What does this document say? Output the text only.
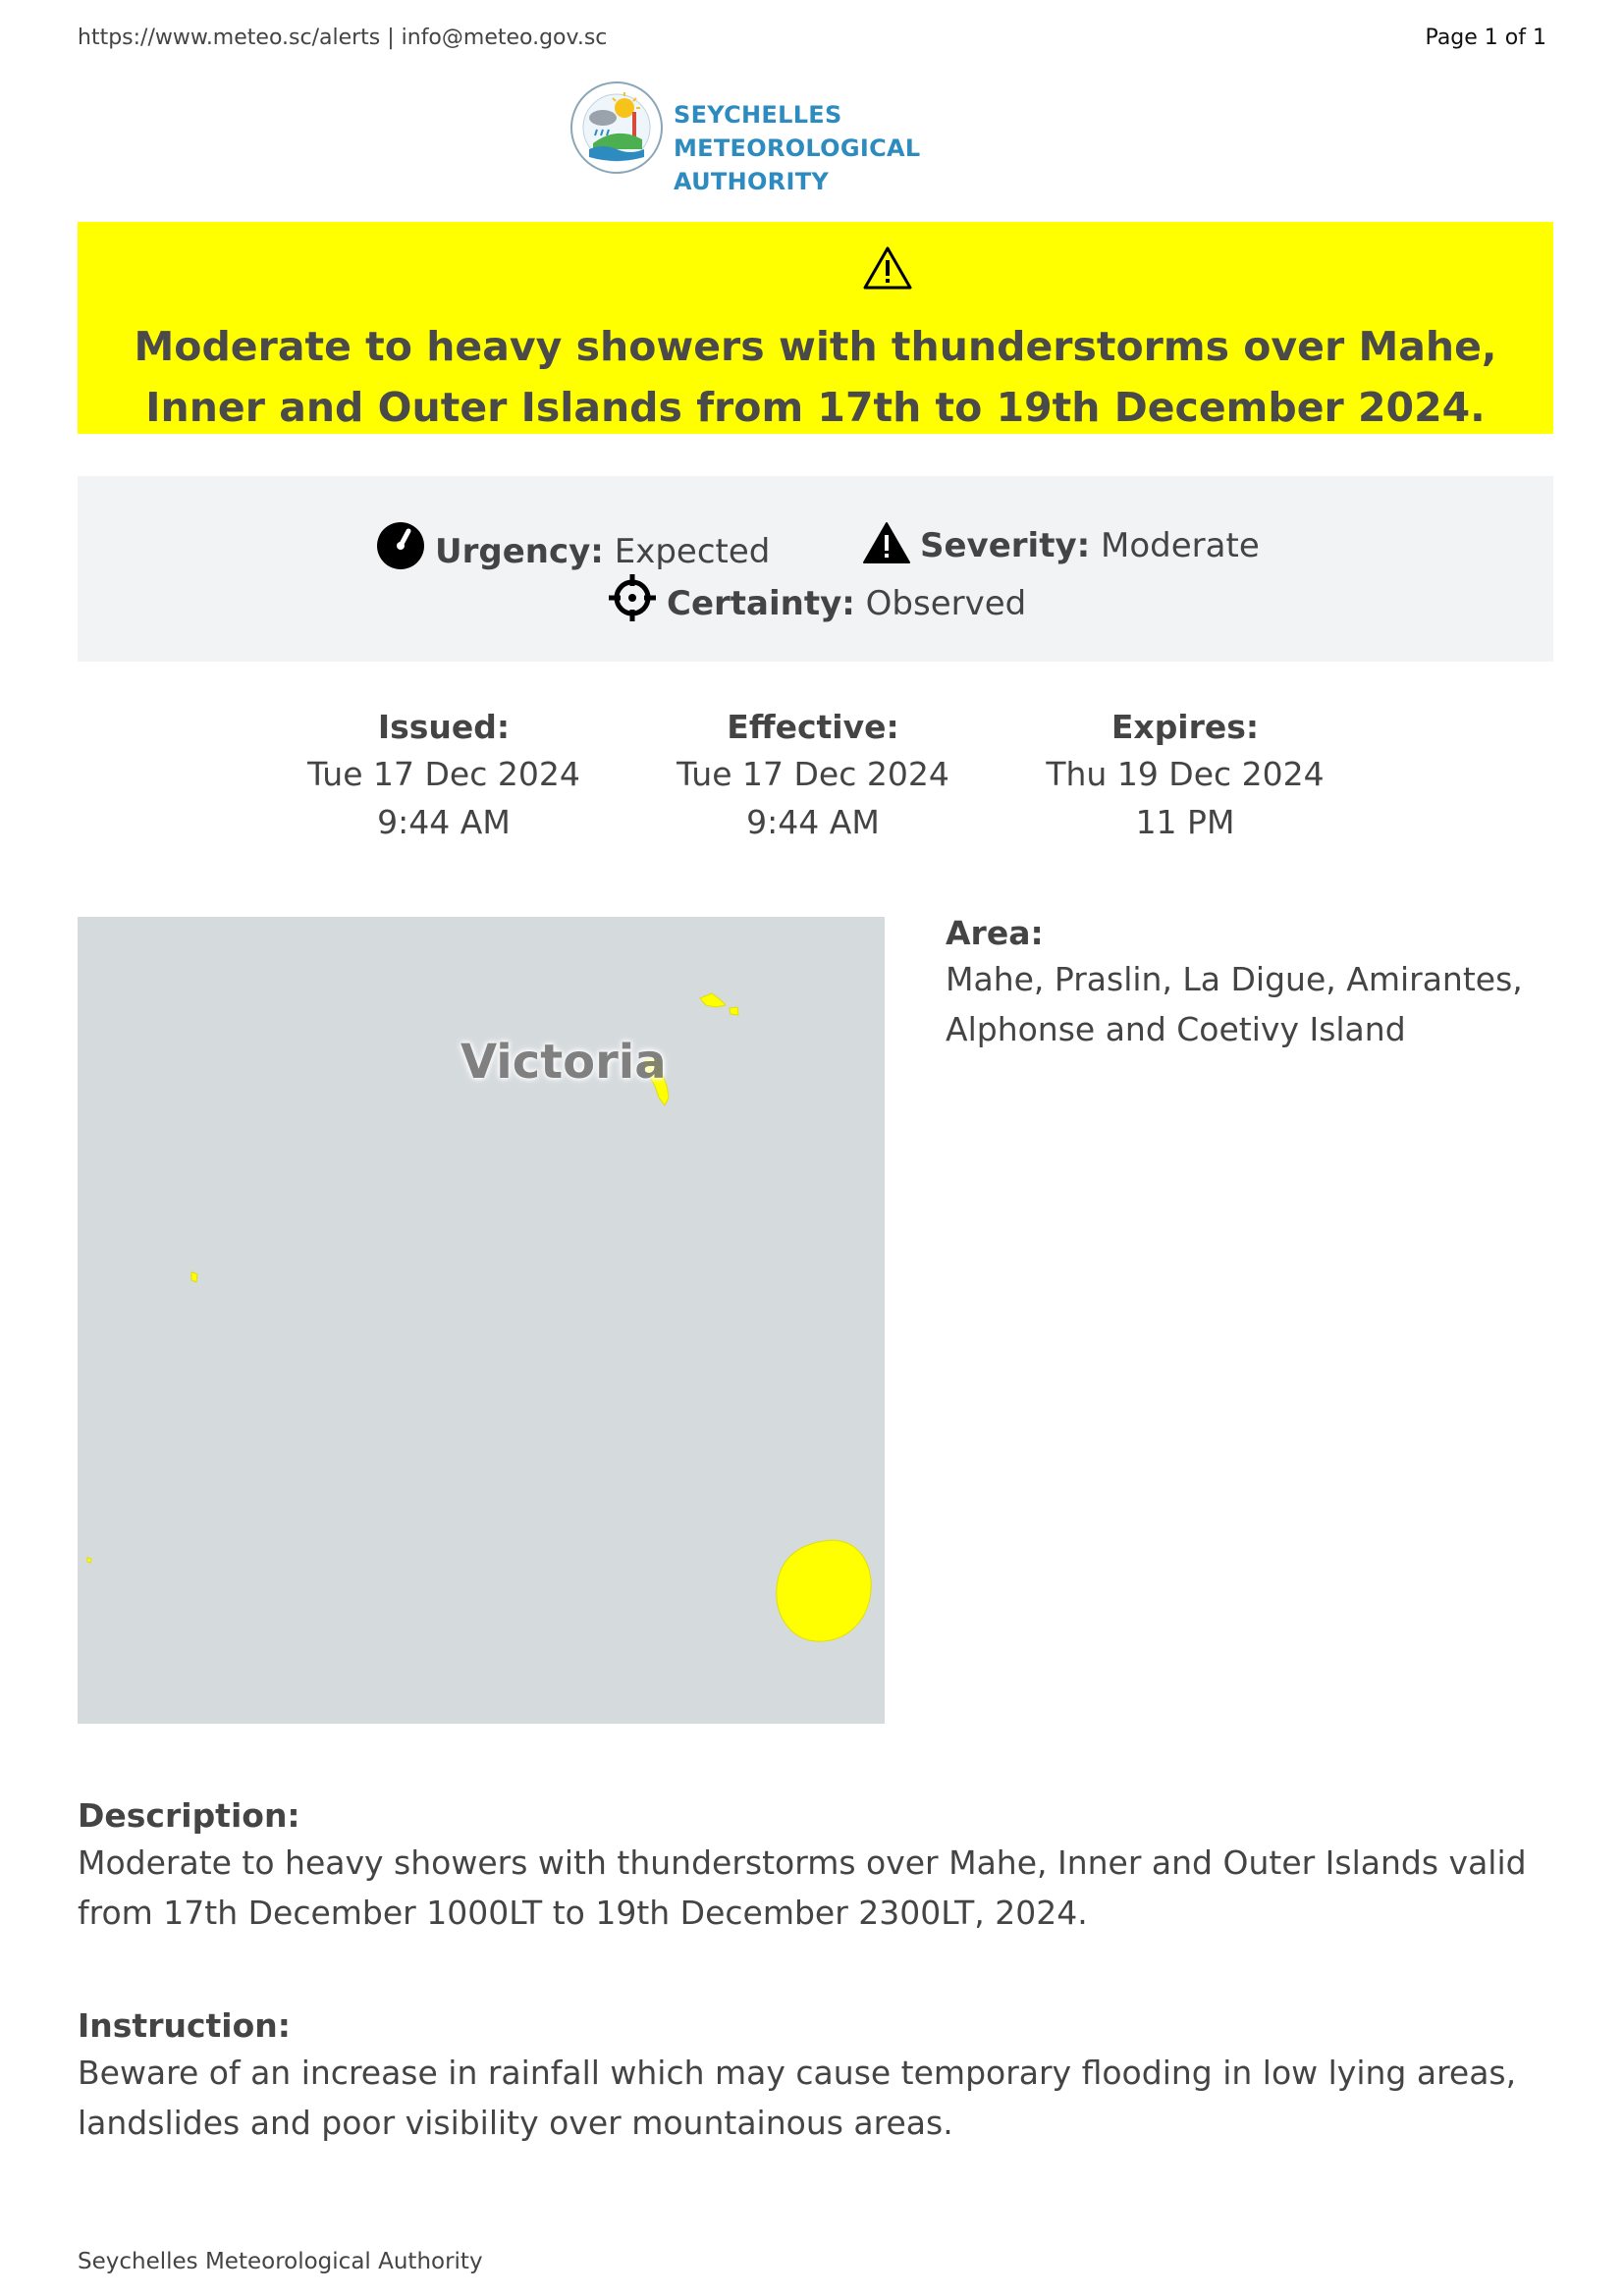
https://www.meteo.sc/alerts | info@meteo.gov.sc	Page 1 of 1
SEYCHELLES METEOROLOGICAL
AUTHORITY
Moderate to heavy showers with thunderstorms over Mahe, Inner and Outer Islands from 17th to 19th December 2024.
Urgency: Expected	Severity: Moderate
Certainty: Observed
Issued:
Tue 17 Dec 2024
9:44 AM
Effective:
Tue 17 Dec 2024
9:44 AM
Expires:
Thu 19 Dec 2024
11 PM
Victoria
Area:
Mahe, Praslin, La Digue, Amirantes, Alphonse and Coetivy Island
Description:
Moderate to heavy showers with thunderstorms over Mahe, Inner and Outer Islands valid from 17th December 1000LT to 19th December 2300LT, 2024.
Instruction:
Beware of an increase in rainfall which may cause temporary flooding in low lying areas, landslides and poor visibility over mountainous areas.
Seychelles Meteorological Authority
